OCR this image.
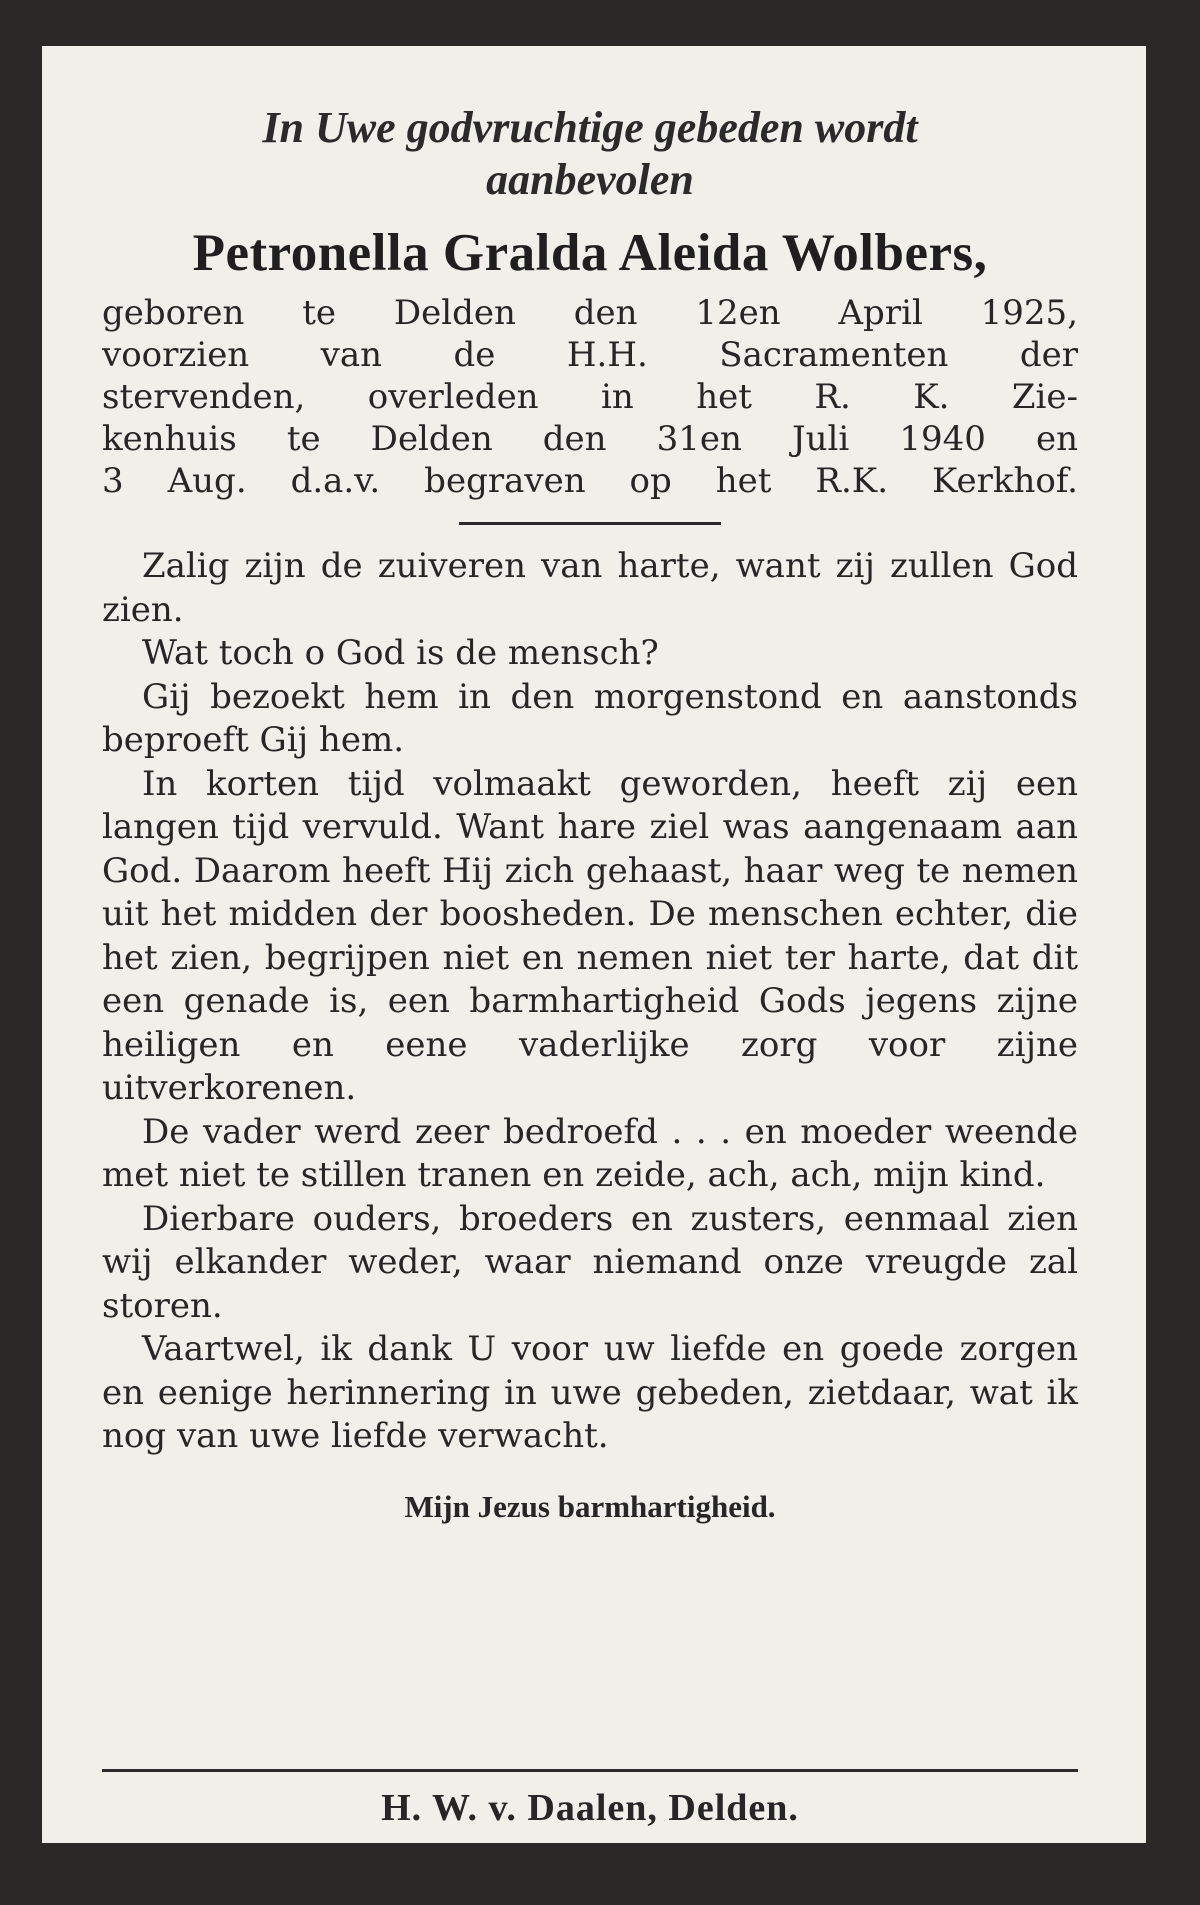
In Uwe godvruchtige gebeden wordt

aanbevolen

Petronella Gralda Aleida Wolbers,

geboren te Delden den 12en April 1925,
voorzien van de H.H. Sacramenten der
stervenden, overleden in het R. K. Zie-
kenhuis te Delden den 31en Juli 1940 en
3 Aug. d.a.v. begraven op het R.K. Kerkhof.

Zalig zijn de zuiveren van harte, want zij zullen God zien.

Wat toch o God is de mensch?

Gij bezoekt hem in den morgenstond en aanstonds beproeft Gij hem.

In korten tijd volmaakt geworden, heeft zij een langen tijd vervuld. Want hare ziel was aangenaam aan God. Daarom heeft Hij zich gehaast, haar weg te nemen uit het midden der boosheden. De menschen echter, die het zien, begrijpen niet en nemen niet ter harte, dat dit een genade is, een barmhartigheid Gods jegens zijne heiligen en eene vaderlijke zorg voor zijne uitverkorenen.

De vader werd zeer bedroefd . . . en moeder weende met niet te stillen tranen en zeide, ach, ach, mijn kind.

Dierbare ouders, broeders en zusters, eenmaal zien wij elkander weder, waar niemand onze vreugde zal storen.

Vaartwel, ik dank U voor uw liefde en goede zorgen en eenige herinnering in uwe gebeden, zietdaar, wat ik nog van uwe liefde verwacht.

Mijn Jezus barmhartigheid.

H. W. v. Daalen, Delden.
